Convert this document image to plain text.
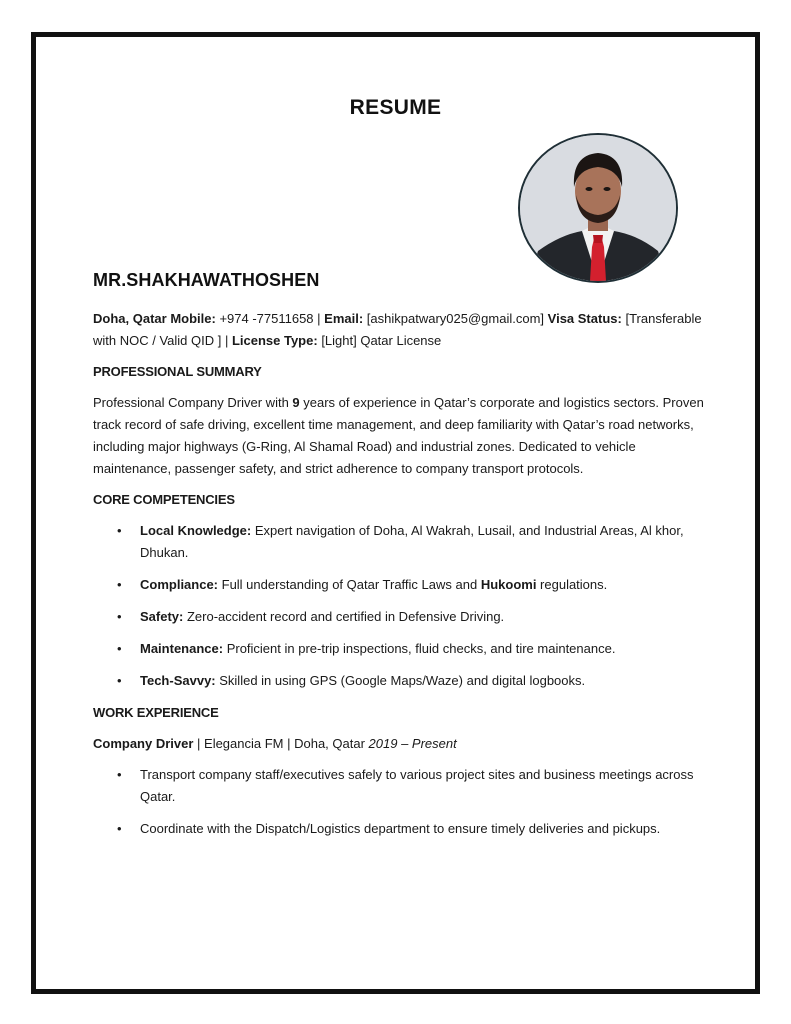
RESUME
MR.SHAKHAWATHOSHEN

Doha, Qatar Mobile: +974 -77511658 | Email: [ashikpatwary025@gmail.com] Visa Status: [Transferable with NOC / Valid QID ] | License Type: [Light] Qatar License

PROFESSIONAL SUMMARY

Professional Company Driver with 9 years of experience in Qatar’s corporate and logistics sectors. Proven track record of safe driving, excellent time management, and deep familiarity with Qatar’s road networks, including major highways (G-Ring, Al Shamal Road) and industrial zones. Dedicated to vehicle maintenance, passenger safety, and strict adherence to company transport protocols.

CORE COMPETENCIES
• Local Knowledge: Expert navigation of Doha, Al Wakrah, Lusail, and Industrial Areas, Al khor, Dhukan.
• Compliance: Full understanding of Qatar Traffic Laws and Hukoomi regulations.
• Safety: Zero-accident record and certified in Defensive Driving.
• Maintenance: Proficient in pre-trip inspections, fluid checks, and tire maintenance.
• Tech-Savvy: Skilled in using GPS (Google Maps/Waze) and digital logbooks.
WORK EXPERIENCE

Company Driver | Elegancia FM | Doha, Qatar 2019 – Present

• Transport company staff/executives safely to various project sites and business meetings across Qatar.
• Coordinate with the Dispatch/Logistics department to ensure timely deliveries and pickups.
